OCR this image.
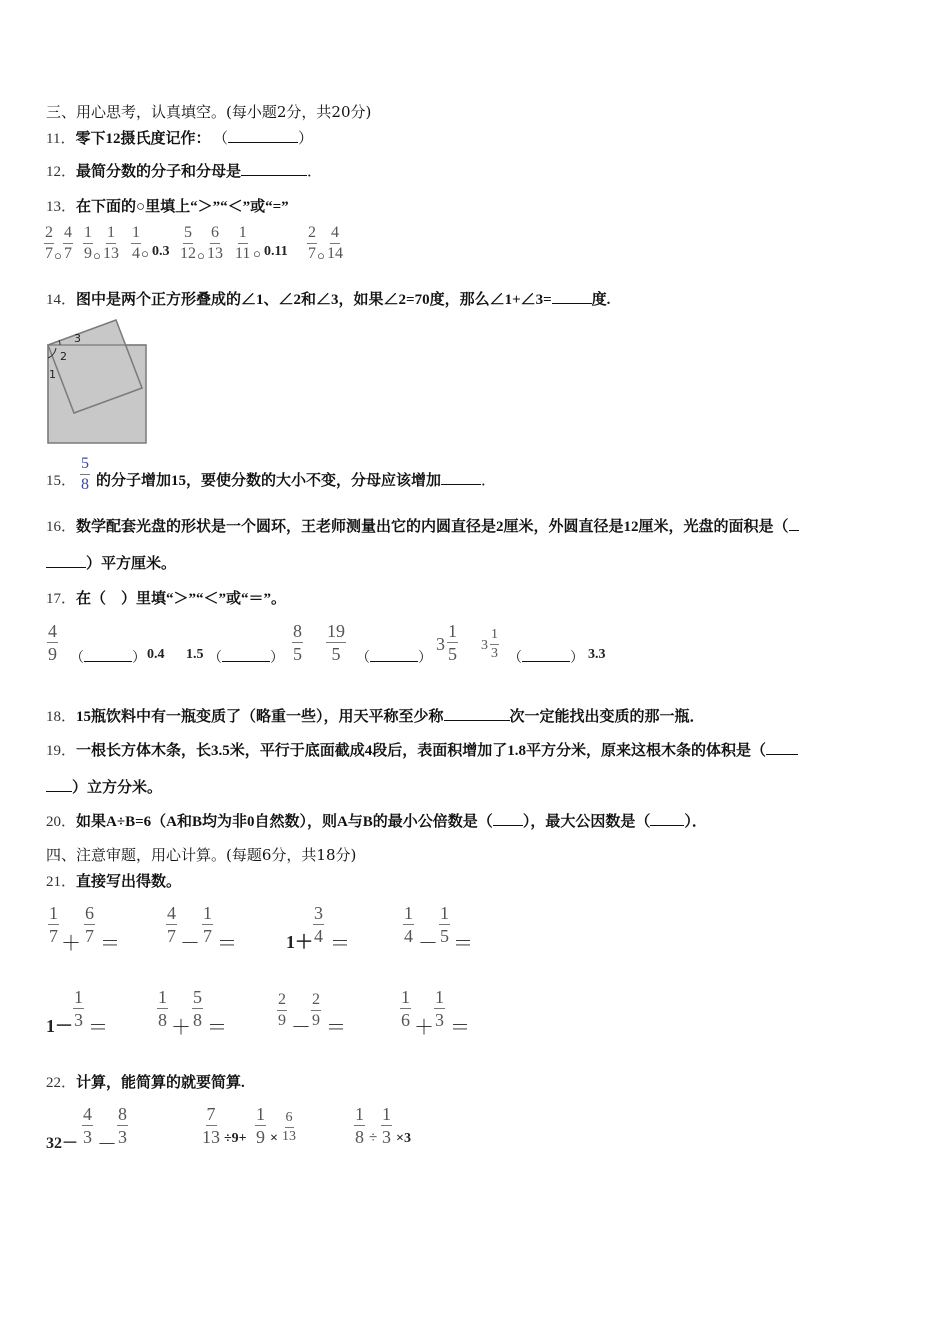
三、用心思考，认真填空。(每小题2分，共20分)
11．零下12摄氏度记作： （	）
12．最简分数的分子和分母是	．
13．在下面的○里填上“＞”“＜”或“=”
2
7 ○
4
7
1
9 ○
1
13
1
4 ○ 0.3
5
12 ○
6
13
1
11 ○ 0.11
2
7 ○
4
14
14．图中是两个正方形叠成的∠1、∠2和∠3，如果∠2=70度，那么∠1+∠3=	度.
3
2
1
15．
5
8 的分子增加15，要使分数的大小不变，分母应该增加	．
16．数学配套光盘的形状是一个圆环，王老师测量出它的内圆直径是2厘米，外圆直径是12厘米，光盘的面积是（
）平方厘米。
17．在（　）里填“＞”“＜”或“＝”。
4
9 （	） 0.4 1.5 （	）
8
5
19
5 （	）
3
1
5 3
1
3 （	） 3.3
18．15瓶饮料中有一瓶变质了（略重一些），用天平称至少称	次一定能找出变质的那一瓶．
19．一根长方体木条，长3.5米，平行于底面截成4段后，表面积增加了1.8平方分米，原来这根木条的体积是（
）立方分米。
20．如果A÷B=6（A和B均为非0自然数），则A与B的最小公倍数是（ ），最大公因数是（ ）．
四、注意审题，用心计算。(每题6分，共18分)
21．直接写出得数。
1
7 ＋
6
7 ＝
4
7 －
1
7 ＝	1＋
3
4 ＝
1
4 －
1
5 ＝
1－
1
3 ＝
1
8 ＋
5
8 ＝
2
9 －
2
9 ＝
1
6 ＋
1
3 ＝
22．计算，能简算的就要简算.
32－
4
3 －
8
3
7
13 ÷9+
1
9 ×
6
13
1
8 ÷
1
3 ×3
